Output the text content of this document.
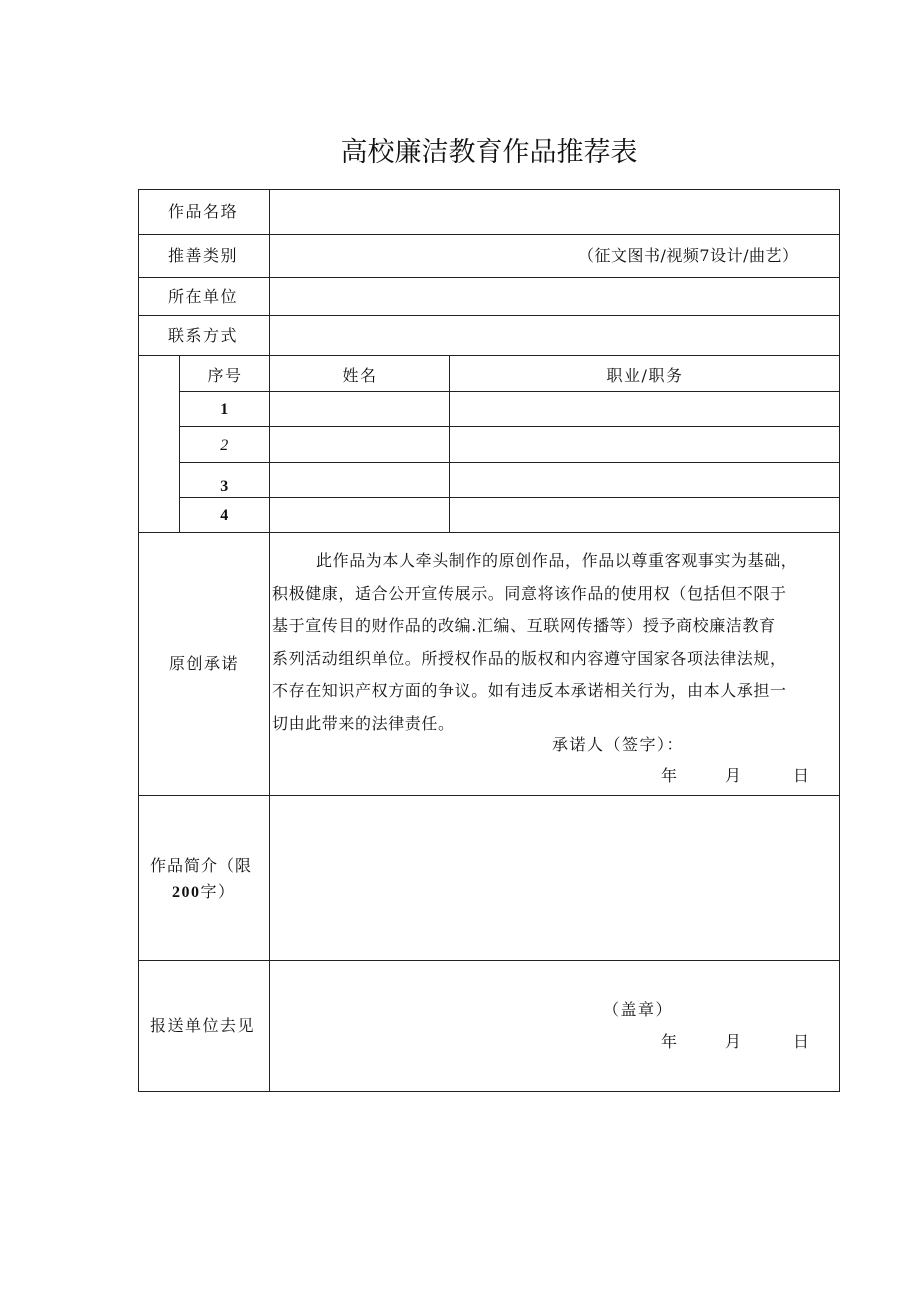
高校廉洁教育作品推荐表
作品名珞
推善类别	（征文图书/视频7设计/曲艺）
所在单位
联系方式
序号	姓名	职业/职务
1
2
3
4
原创承诺
此作品为本人牵头制作的原创作品，作品以尊重客观事实为基础，
积极健康，适合公开宣传展示。同意将该作品的使用权（包括但不限于
基于宣传目的财作品的改编.汇编、互联网传播等）授予商校廉洁教育
系列活动组织单位。所授权作品的版权和内容遵守国家各项法律法规，
不存在知识产权方面的争议。如有违反本承诺相关行为，由本人承担一
切由此带来的法律责任。
承诺人（签字）：
年	月	日
作品简介（限
200字）
报送单位去见
（盖章）
年	月	日
